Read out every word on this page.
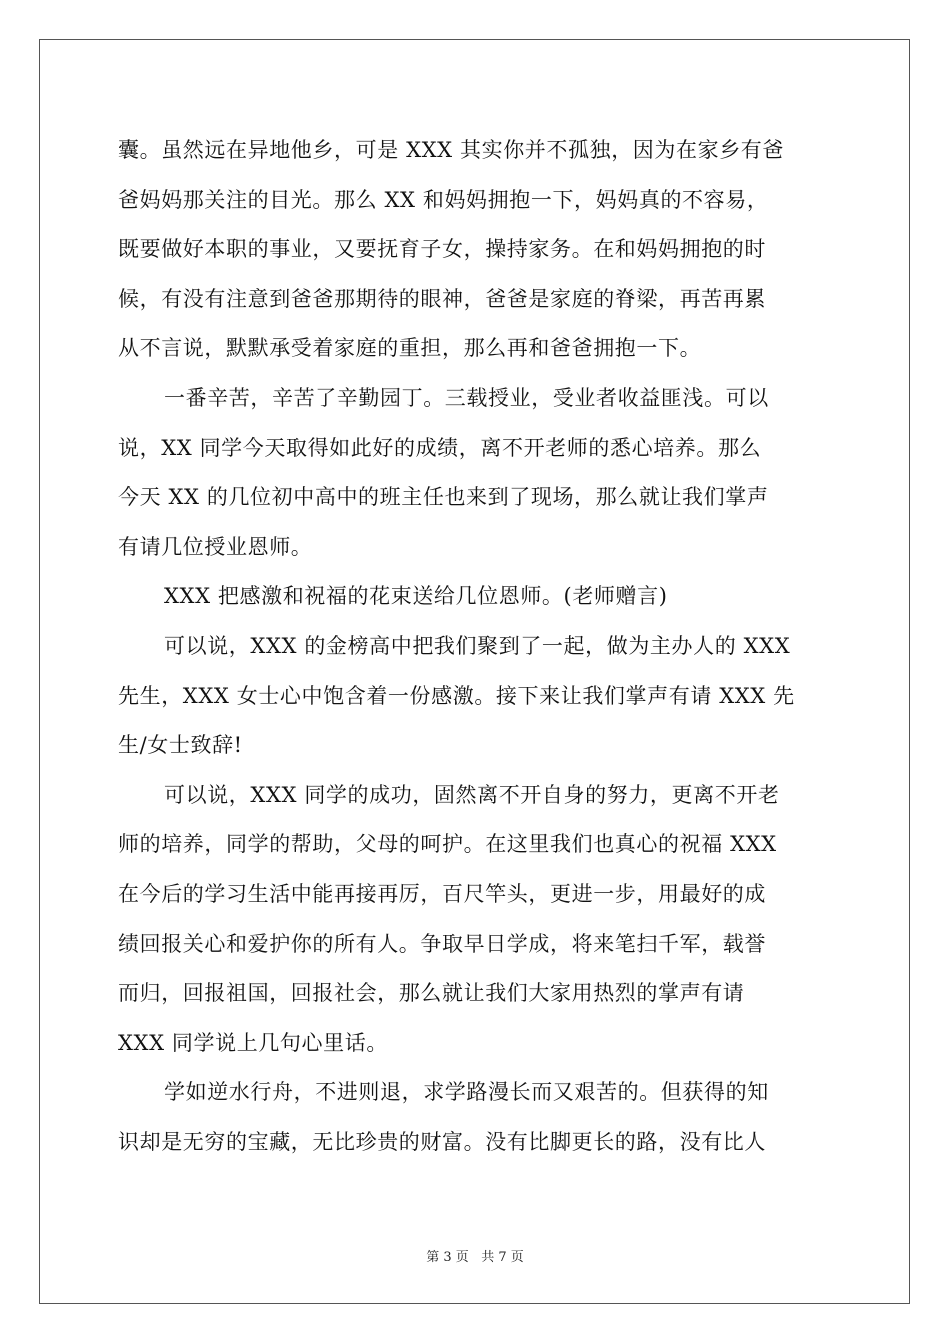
囊。虽然远在异地他乡，可是 XXX 其实你并不孤独，因为在家乡有爸
爸妈妈那关注的目光。那么 XX 和妈妈拥抱一下，妈妈真的不容易，
既要做好本职的事业，又要抚育子女，操持家务。在和妈妈拥抱的时
候，有没有注意到爸爸那期待的眼神，爸爸是家庭的脊梁，再苦再累
从不言说，默默承受着家庭的重担，那么再和爸爸拥抱一下。
一番辛苦，辛苦了辛勤园丁。三载授业，受业者收益匪浅。可以
说，XX 同学今天取得如此好的成绩，离不开老师的悉心培养。那么
今天 XX 的几位初中高中的班主任也来到了现场，那么就让我们掌声
有请几位授业恩师。
XXX 把感激和祝福的花束送给几位恩师。(老师赠言)
可以说，XXX 的金榜高中把我们聚到了一起，做为主办人的 XXX
先生，XXX 女士心中饱含着一份感激。接下来让我们掌声有请 XXX 先
生/女士致辞!
可以说，XXX 同学的成功，固然离不开自身的努力，更离不开老
师的培养，同学的帮助，父母的呵护。在这里我们也真心的祝福 XXX
在今后的学习生活中能再接再厉，百尺竿头，更进一步，用最好的成
绩回报关心和爱护你的所有人。争取早日学成，将来笔扫千军，载誉
而归，回报祖国，回报社会，那么就让我们大家用热烈的掌声有请
XXX 同学说上几句心里话。
学如逆水行舟，不进则退，求学路漫长而又艰苦的。但获得的知
识却是无穷的宝藏，无比珍贵的财富。没有比脚更长的路，没有比人
第 3 页   共 7 页
